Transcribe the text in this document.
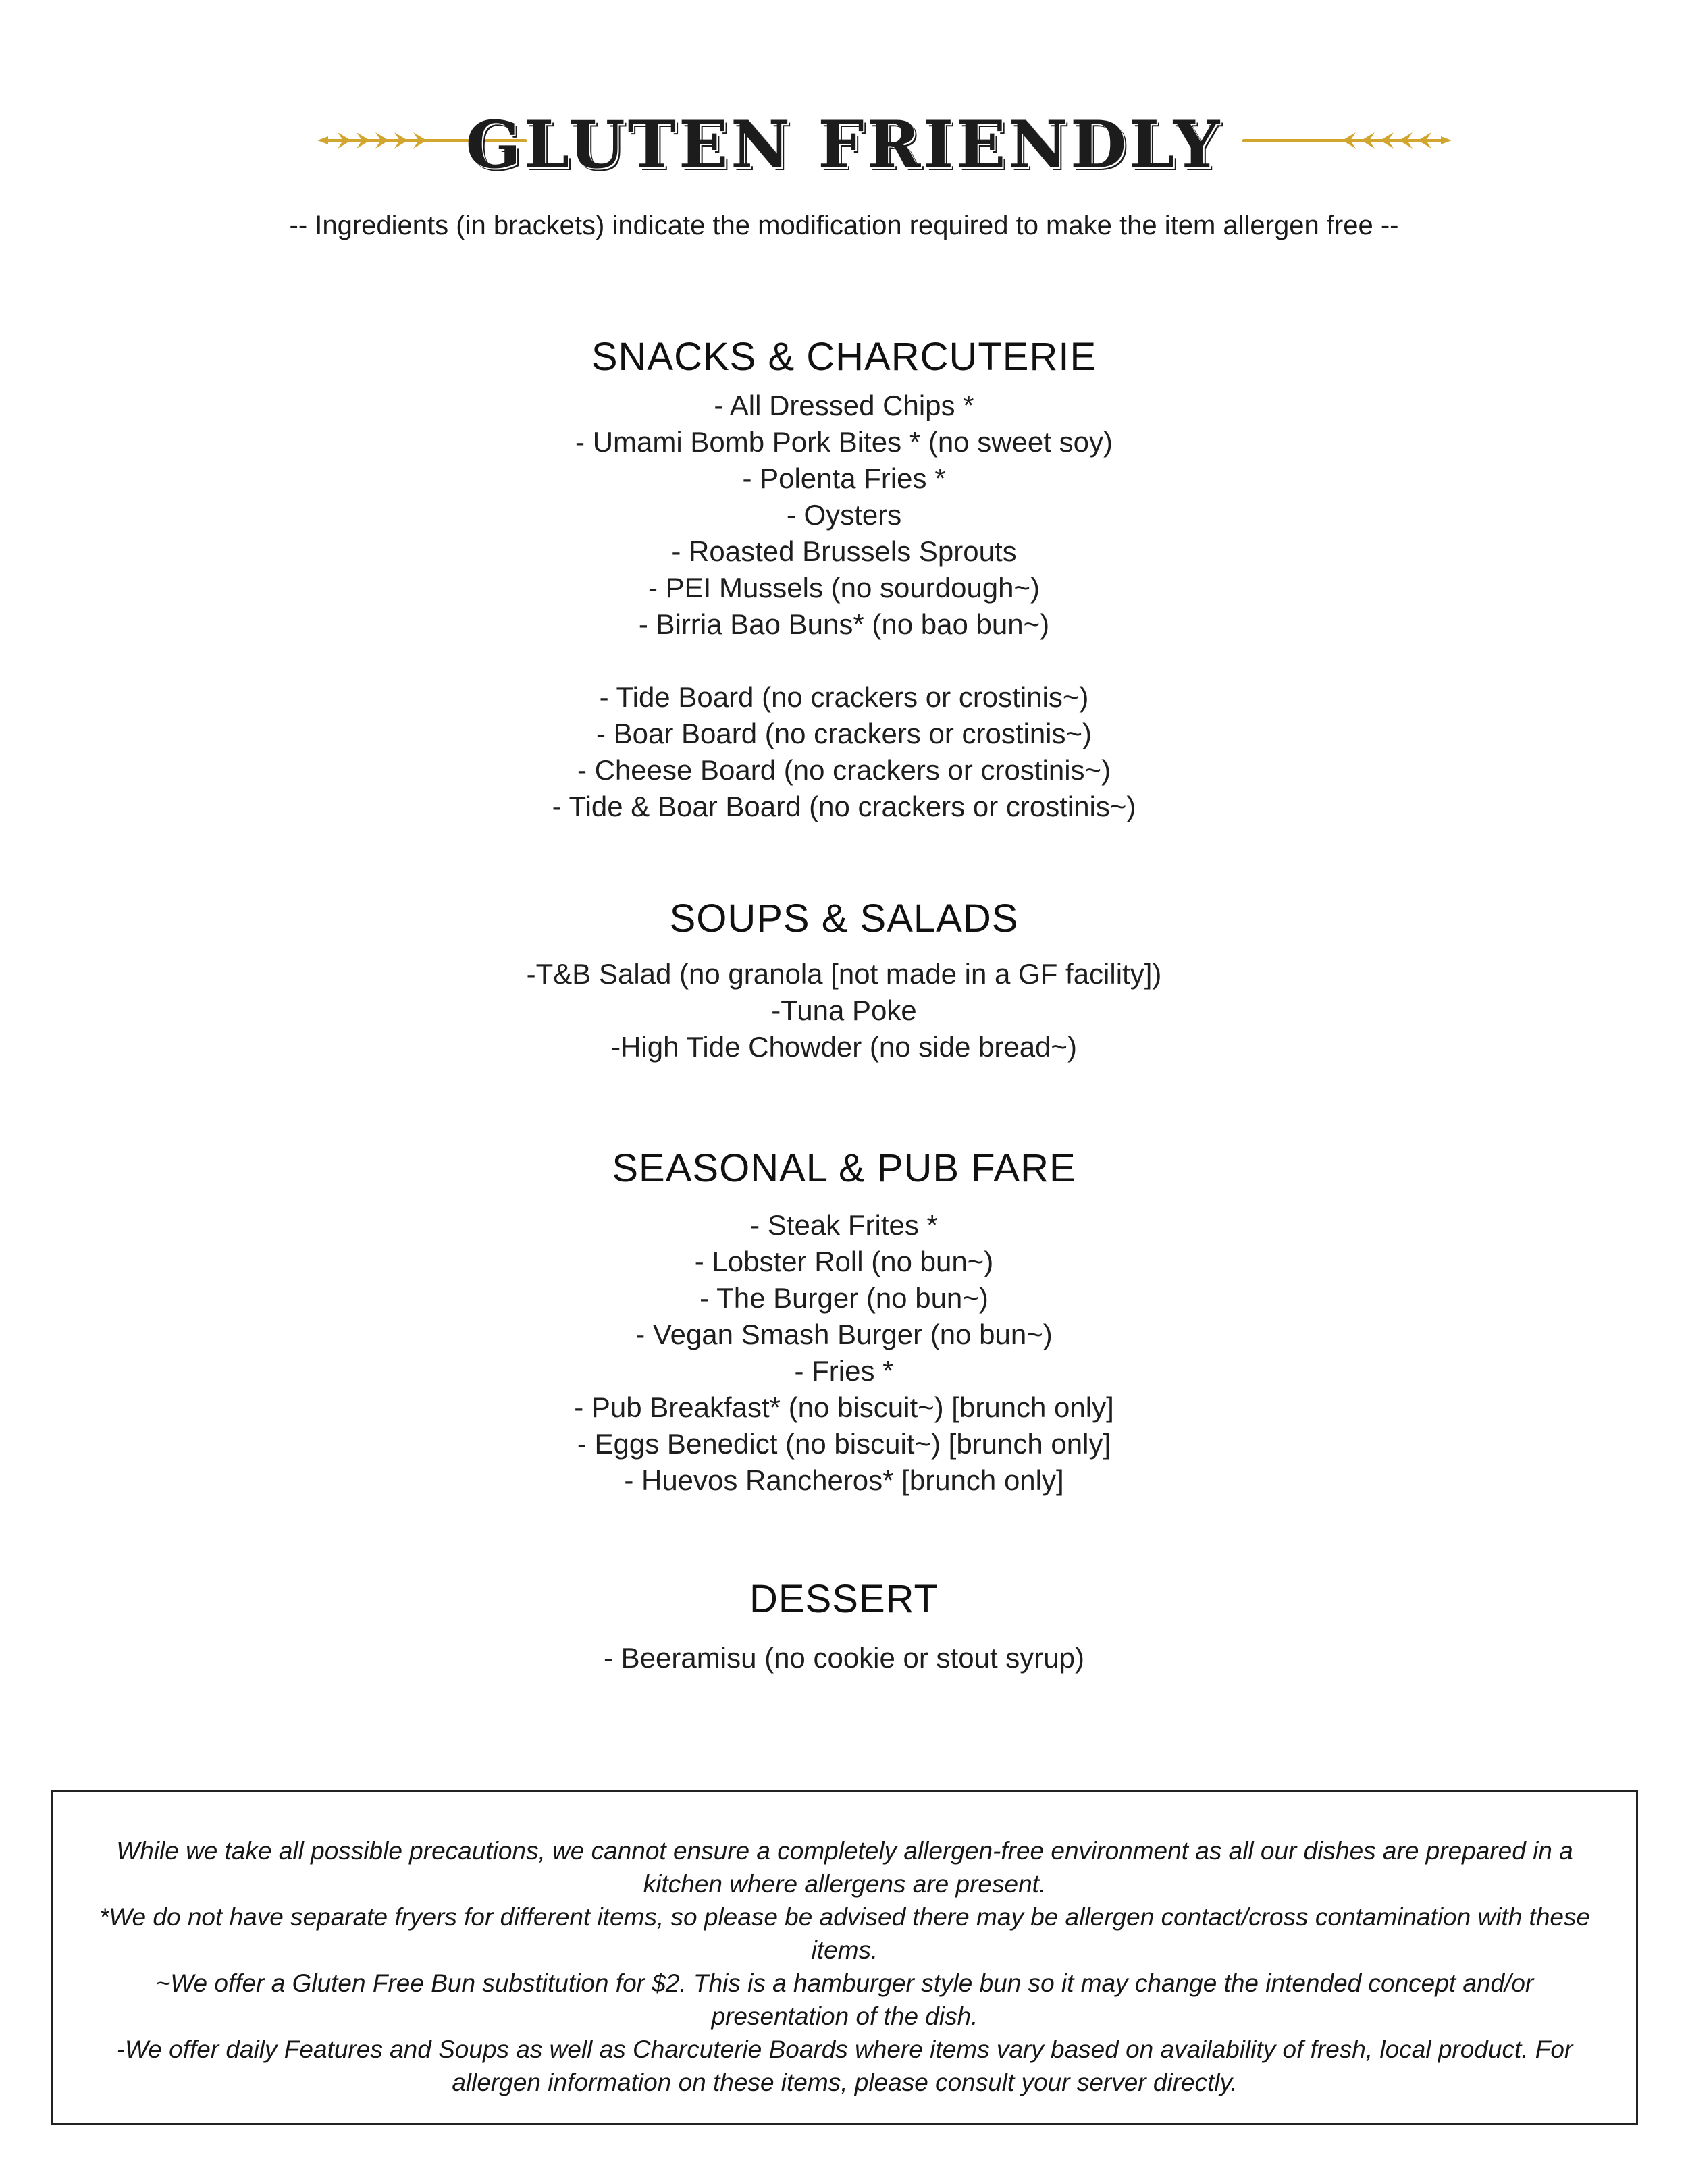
GLUTEN FRIENDLY
-- Ingredients (in brackets) indicate the modification required to make the item allergen free --
SNACKS & CHARCUTERIE
- All Dressed Chips *
- Umami Bomb Pork Bites * (no sweet soy)
- Polenta Fries *
- Oysters
- Roasted Brussels Sprouts
- PEI Mussels (no sourdough~)
- Birria Bao Buns* (no bao bun~)
- Tide Board (no crackers or crostinis~)
- Boar Board (no crackers or crostinis~)
- Cheese Board (no crackers or crostinis~)
- Tide & Boar Board (no crackers or crostinis~)
SOUPS & SALADS
-T&B Salad (no granola [not made in a GF facility])
-Tuna Poke
-High Tide Chowder (no side bread~)
SEASONAL & PUB FARE
- Steak Frites *
- Lobster Roll (no bun~)
- The Burger (no bun~)
- Vegan Smash Burger (no bun~)
- Fries *
- Pub Breakfast* (no biscuit~) [brunch only]
- Eggs Benedict (no biscuit~) [brunch only]
- Huevos Rancheros* [brunch only]
DESSERT
- Beeramisu (no cookie or stout syrup)

While we take all possible precautions, we cannot ensure a completely allergen-free environment as all our dishes are prepared in a kitchen where allergens are present.

*We do not have separate fryers for different items, so please be advised there may be allergen contact/cross contamination with these items.

~We offer a Gluten Free Bun substitution for $2. This is a hamburger style bun so it may change the intended concept and/or presentation of the dish.

-We offer daily Features and Soups as well as Charcuterie Boards where items vary based on availability of fresh, local product. For allergen information on these items, please consult your server directly.
